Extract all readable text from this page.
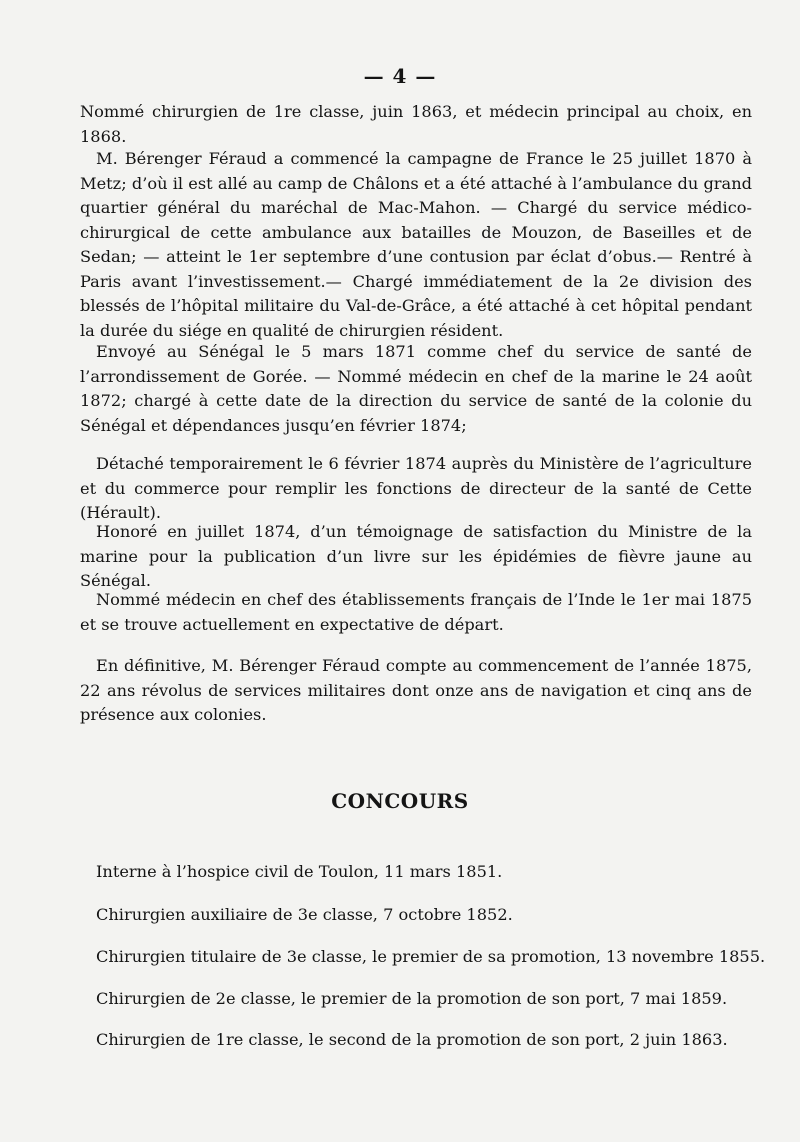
— 4 —

Nommé chirurgien de 1re classe, juin 1863, et médecin principal au choix, en 1868.

M. Bérenger Féraud a commencé la campagne de France le 25 juillet 1870 à Metz; d’où il est allé au camp de Châlons et a été attaché à l’ambulance du grand quartier général du maréchal de Mac-Mahon. — Chargé du service médico-chirurgical de cette ambulance aux batailles de Mouzon, de Baseilles et de Sedan; — atteint le 1er septembre d’une contusion par éclat d’obus.— Rentré à Paris avant l’investissement.— Chargé immédiatement de la 2e division des blessés de l’hôpital militaire du Val-de-Grâce, a été attaché à cet hôpital pendant la durée du siége en qualité de chirurgien résident.

Envoyé au Sénégal le 5 mars 1871 comme chef du service de santé de l’arrondissement de Gorée. — Nommé médecin en chef de la marine le 24 août 1872; chargé à cette date de la direction du service de santé de la colonie du Sénégal et dépendances jusqu’en février 1874;

Détaché temporairement le 6 février 1874 auprès du Ministère de l’agriculture et du commerce pour remplir les fonctions de directeur de la santé de Cette (Hérault).

Honoré en juillet 1874, d’un témoignage de satisfaction du Ministre de la marine pour la publication d’un livre sur les épidémies de fièvre jaune au Sénégal.

Nommé médecin en chef des établissements français de l’Inde le 1er mai 1875 et se trouve actuellement en expectative de départ.

En définitive, M. Bérenger Féraud compte au commencement de l’année 1875, 22 ans révolus de services militaires dont onze ans de navigation et cinq ans de présence aux colonies.

CONCOURS

Interne à l’hospice civil de Toulon, 11 mars 1851.

Chirurgien auxiliaire de 3e classe, 7 octobre 1852.

Chirurgien titulaire de 3e classe, le premier de sa promotion, 13 novembre 1855.

Chirurgien de 2e classe, le premier de la promotion de son port, 7 mai 1859.

Chirurgien de 1re classe, le second de la promotion de son port, 2 juin 1863.
